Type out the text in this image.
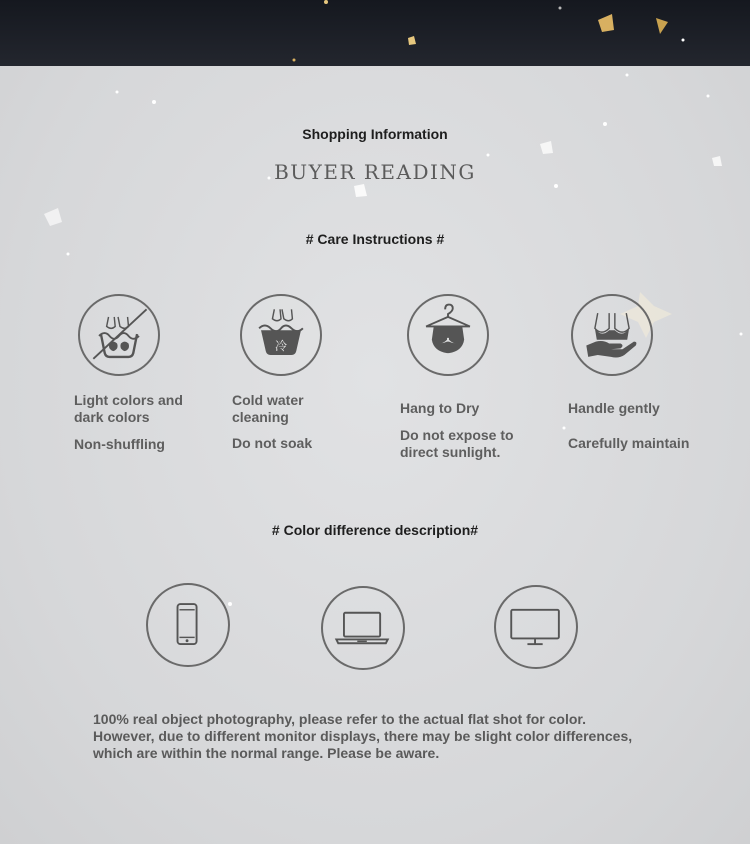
Shopping Information
BUYER READING
# Care Instructions #
冷
Light colors and dark colors
Non-shuffling
Cold water cleaning
Do not soak
Hang to Dry
Do not expose to direct sunlight.
Handle gently
Carefully maintain
# Color difference description#
100% real object photography, please refer to the actual flat shot for color. However, due to different monitor displays, there may be slight color differences, which are within the normal range. Please be aware.
